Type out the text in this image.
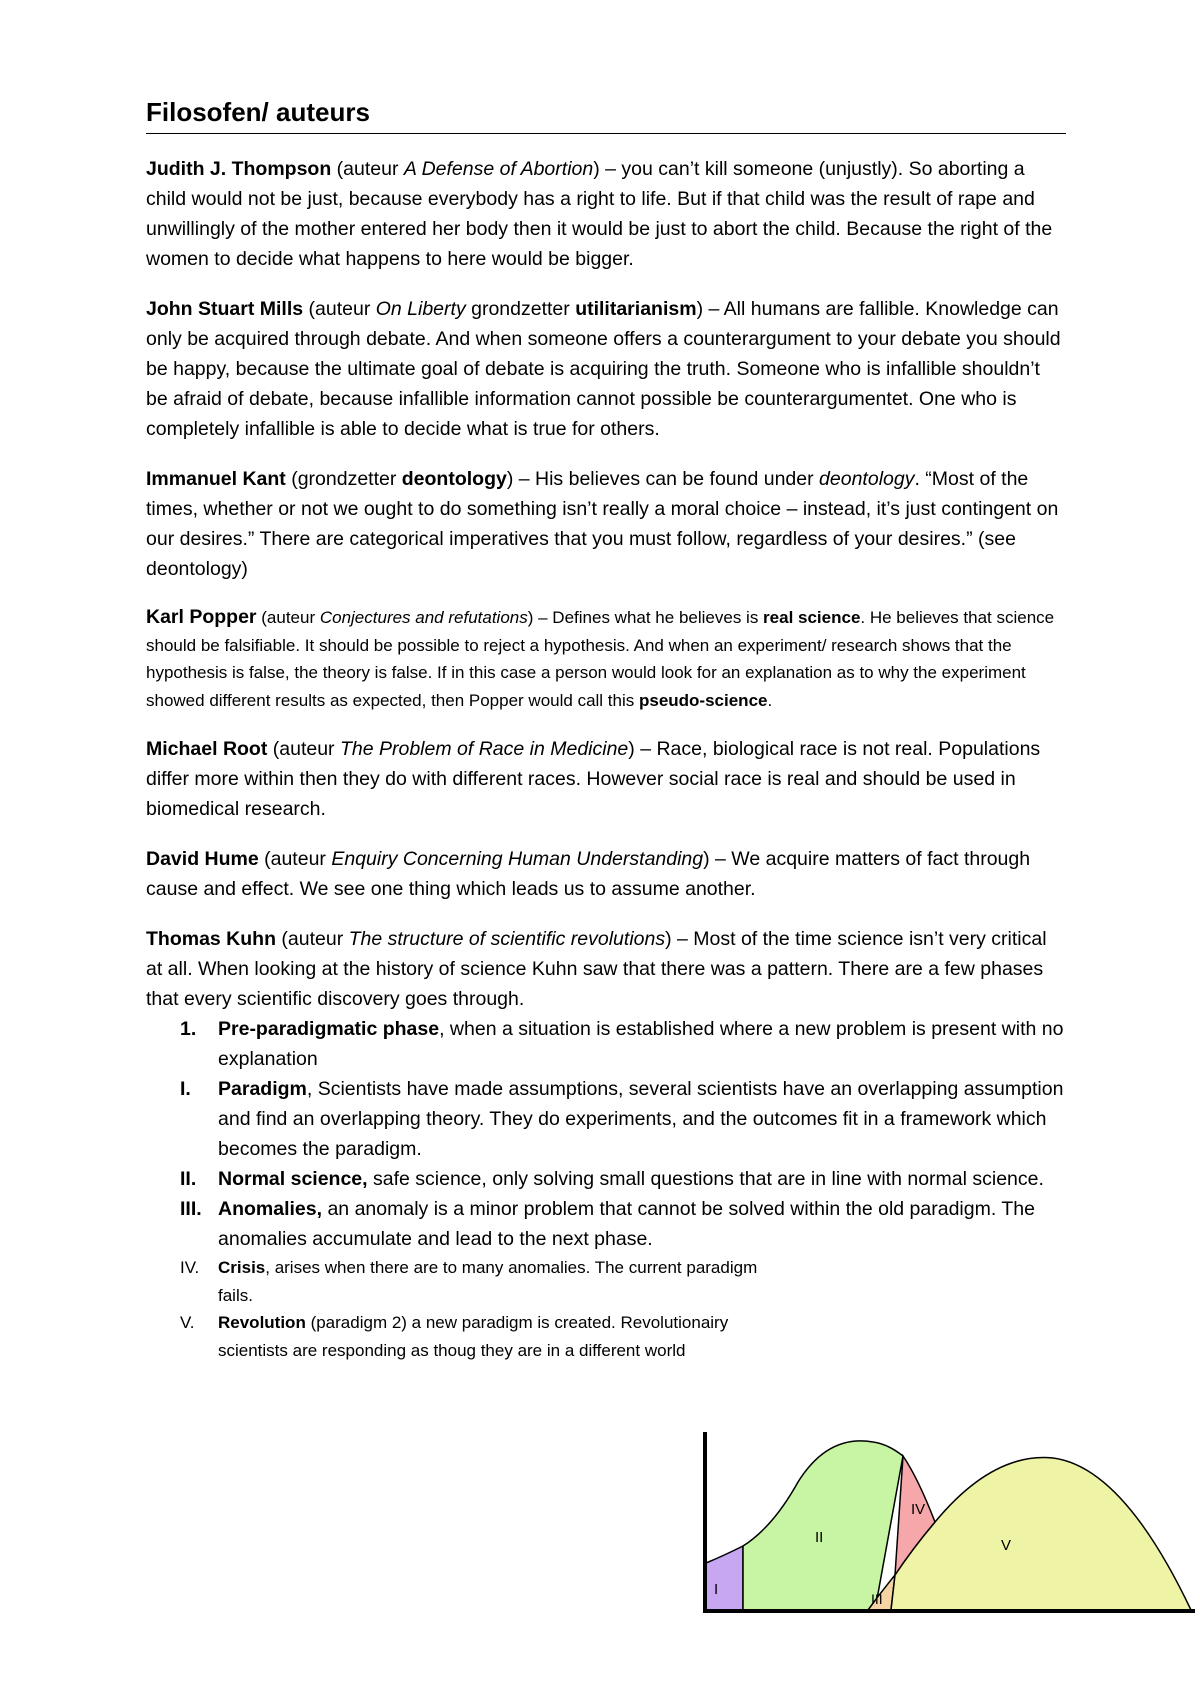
Filosofen/ auteurs

Judith J. Thompson (auteur A Defense of Abortion) – you can’t kill someone (unjustly). So aborting a child would not be just, because everybody has a right to life. But if that child was the result of rape and unwillingly of the mother entered her body then it would be just to abort the child. Because the right of the women to decide what happens to here would be bigger.

John Stuart Mills (auteur On Liberty grondzetter utilitarianism) – All humans are fallible. Knowledge can only be acquired through debate. And when someone offers a counterargument to your debate you should be happy, because the ultimate goal of debate is acquiring the truth. Someone who is infallible shouldn’t be afraid of debate, because infallible information cannot possible be counterargumentet. One who is completely infallible is able to decide what is true for others.

Immanuel Kant (grondzetter deontology) – His believes can be found under deontology. “Most of the times, whether or not we ought to do something isn’t really a moral choice – instead, it’s just contingent on our desires.” There are categorical imperatives that you must follow, regardless of your desires.” (see deontology)

Karl Popper (auteur Conjectures and refutations) – Defines what he believes is real science. He believes that science should be falsifiable. It should be possible to reject a hypothesis. And when an experiment/ research shows that the hypothesis is false, the theory is false. If in this case a person would look for an explanation as to why the experiment showed different results as expected, then Popper would call this pseudo-science.

Michael Root (auteur The Problem of Race in Medicine) – Race, biological race is not real. Populations differ more within then they do with different races. However social race is real and should be used in biomedical research.

David Hume (auteur Enquiry Concerning Human Understanding) – We acquire matters of fact through cause and effect. We see one thing which leads us to assume another.

Thomas Kuhn (auteur The structure of scientific revolutions) – Most of the time science isn’t very critical at all. When looking at the history of science Kuhn saw that there was a pattern. There are a few phases that every scientific discovery goes through.

1. Pre-paradigmatic phase, when a situation is established where a new problem is present with no explanation
I. Paradigm, Scientists have made assumptions, several scientists have an overlapping assumption and find an overlapping theory. They do experiments, and the outcomes fit in a framework which becomes the paradigm.
II. Normal science, safe science, only solving small questions that are in line with normal science.
III. Anomalies, an anomaly is a minor problem that cannot be solved within the old paradigm. The anomalies accumulate and lead to the next phase.
IV. Crisis, arises when there are to many anomalies. The current paradigm fails.
V. Revolution (paradigm 2) a new paradigm is created. Revolutionairy scientists are responding as thoug they are in a different world
I
II
III
IV
V
